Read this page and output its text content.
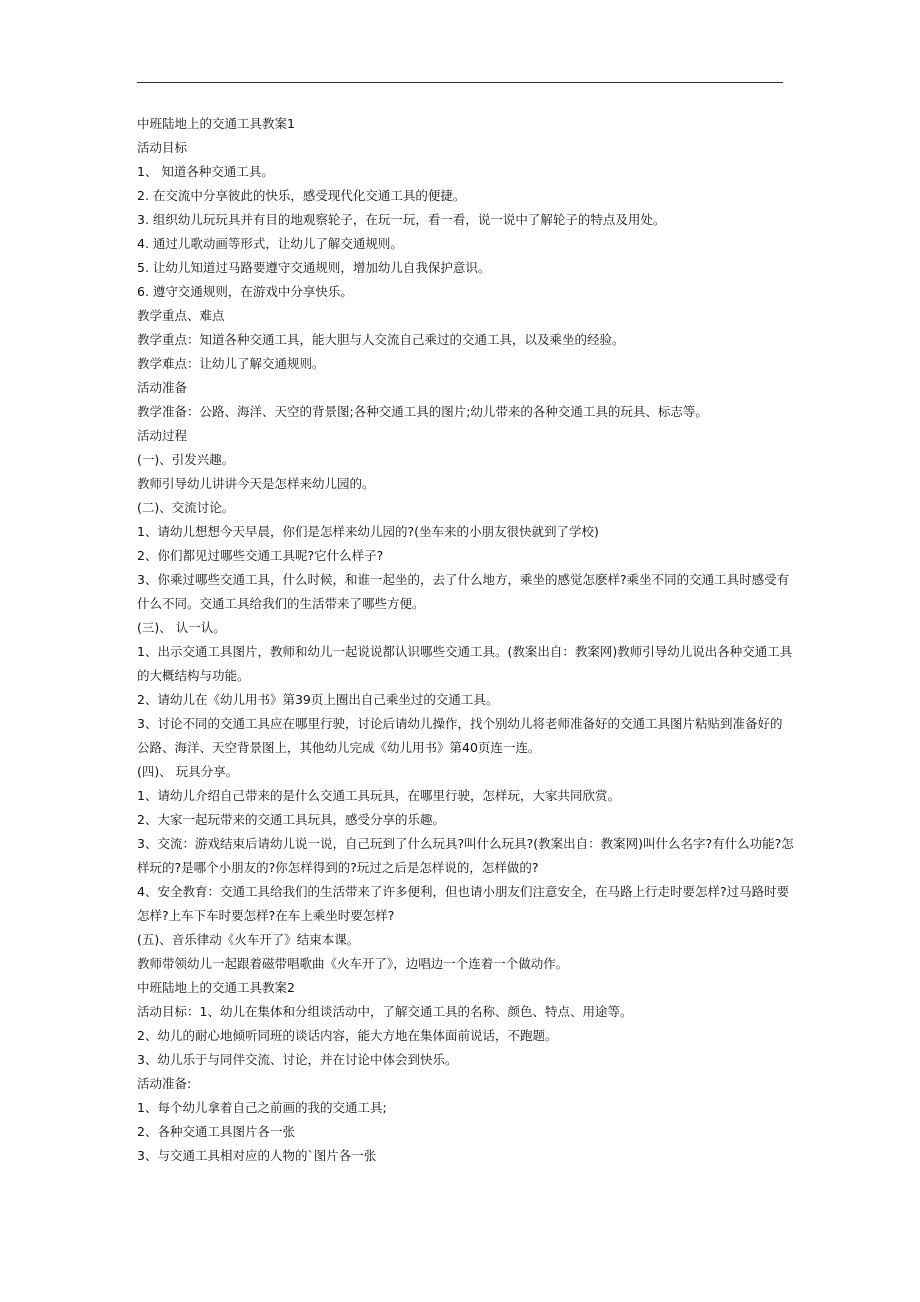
中班陆地上的交通工具教案1
活动目标
1、 知道各种交通工具。
2. 在交流中分享彼此的快乐，感受现代化交通工具的便捷。
3. 组织幼儿玩玩具并有目的地观察轮子，在玩一玩，看一看，说一说中了解轮子的特点及用处。
4. 通过儿歌动画等形式，让幼儿了解交通规则。
5. 让幼儿知道过马路要遵守交通规则，增加幼儿自我保护意识。
6. 遵守交通规则，在游戏中分享快乐。
教学重点、难点
教学重点：知道各种交通工具，能大胆与人交流自己乘过的交通工具，以及乘坐的经验。
教学难点：让幼儿了解交通规则。
活动准备
教学准备：公路、海洋、天空的背景图;各种交通工具的图片;幼儿带来的各种交通工具的玩具、标志等。
活动过程
(一)、引发兴趣。
教师引导幼儿讲讲今天是怎样来幼儿园的。
(二)、交流讨论。
1、请幼儿想想今天早晨，你们是怎样来幼儿园的?(坐车来的小朋友很快就到了学校)
2、你们都见过哪些交通工具呢?它什么样子?
3、你乘过哪些交通工具，什么时候，和谁一起坐的，去了什么地方，乘坐的感觉怎麽样?乘坐不同的交通工具时感受有
什么不同。交通工具给我们的生活带来了哪些方便。
(三)、 认一认。
1、出示交通工具图片，教师和幼儿一起说说都认识哪些交通工具。(教案出自：教案网)教师引导幼儿说出各种交通工具
的大概结构与功能。
2、请幼儿在《幼儿用书》第39页上圈出自己乘坐过的交通工具。
3、讨论不同的交通工具应在哪里行驶，讨论后请幼儿操作，找个别幼儿将老师准备好的交通工具图片粘贴到准备好的
公路、海洋、天空背景图上，其他幼儿完成《幼儿用书》第40页连一连。
(四)、 玩具分享。
1、请幼儿介绍自己带来的是什么交通工具玩具，在哪里行驶，怎样玩，大家共同欣赏。
2、大家一起玩带来的交通工具玩具，感受分享的乐趣。
3、交流：游戏结束后请幼儿说一说，自己玩到了什么玩具?叫什么玩具?(教案出自：教案网)叫什么名字?有什么功能?怎
样玩的?是哪个小朋友的?你怎样得到的?玩过之后是怎样说的，怎样做的?
4、安全教育：交通工具给我们的生活带来了许多便利，但也请小朋友们注意安全，在马路上行走时要怎样?过马路时要
怎样?上车下车时要怎样?在车上乘坐时要怎样?
(五)、音乐律动《火车开了》结束本课。
教师带领幼儿一起跟着磁带唱歌曲《火车开了》，边唱边一个连着一个做动作。
中班陆地上的交通工具教案2
活动目标：1、幼儿在集体和分组谈活动中，了解交通工具的名称、颜色、特点、用途等。
2、幼儿的耐心地倾听同班的谈话内容，能大方地在集体面前说话，不跑题。
3、幼儿乐于与同伴交流、讨论，并在讨论中体会到快乐。
活动准备:
1、每个幼儿拿着自己之前画的我的交通工具;
2、各种交通工具图片各一张
3、与交通工具相对应的人物的`图片各一张
